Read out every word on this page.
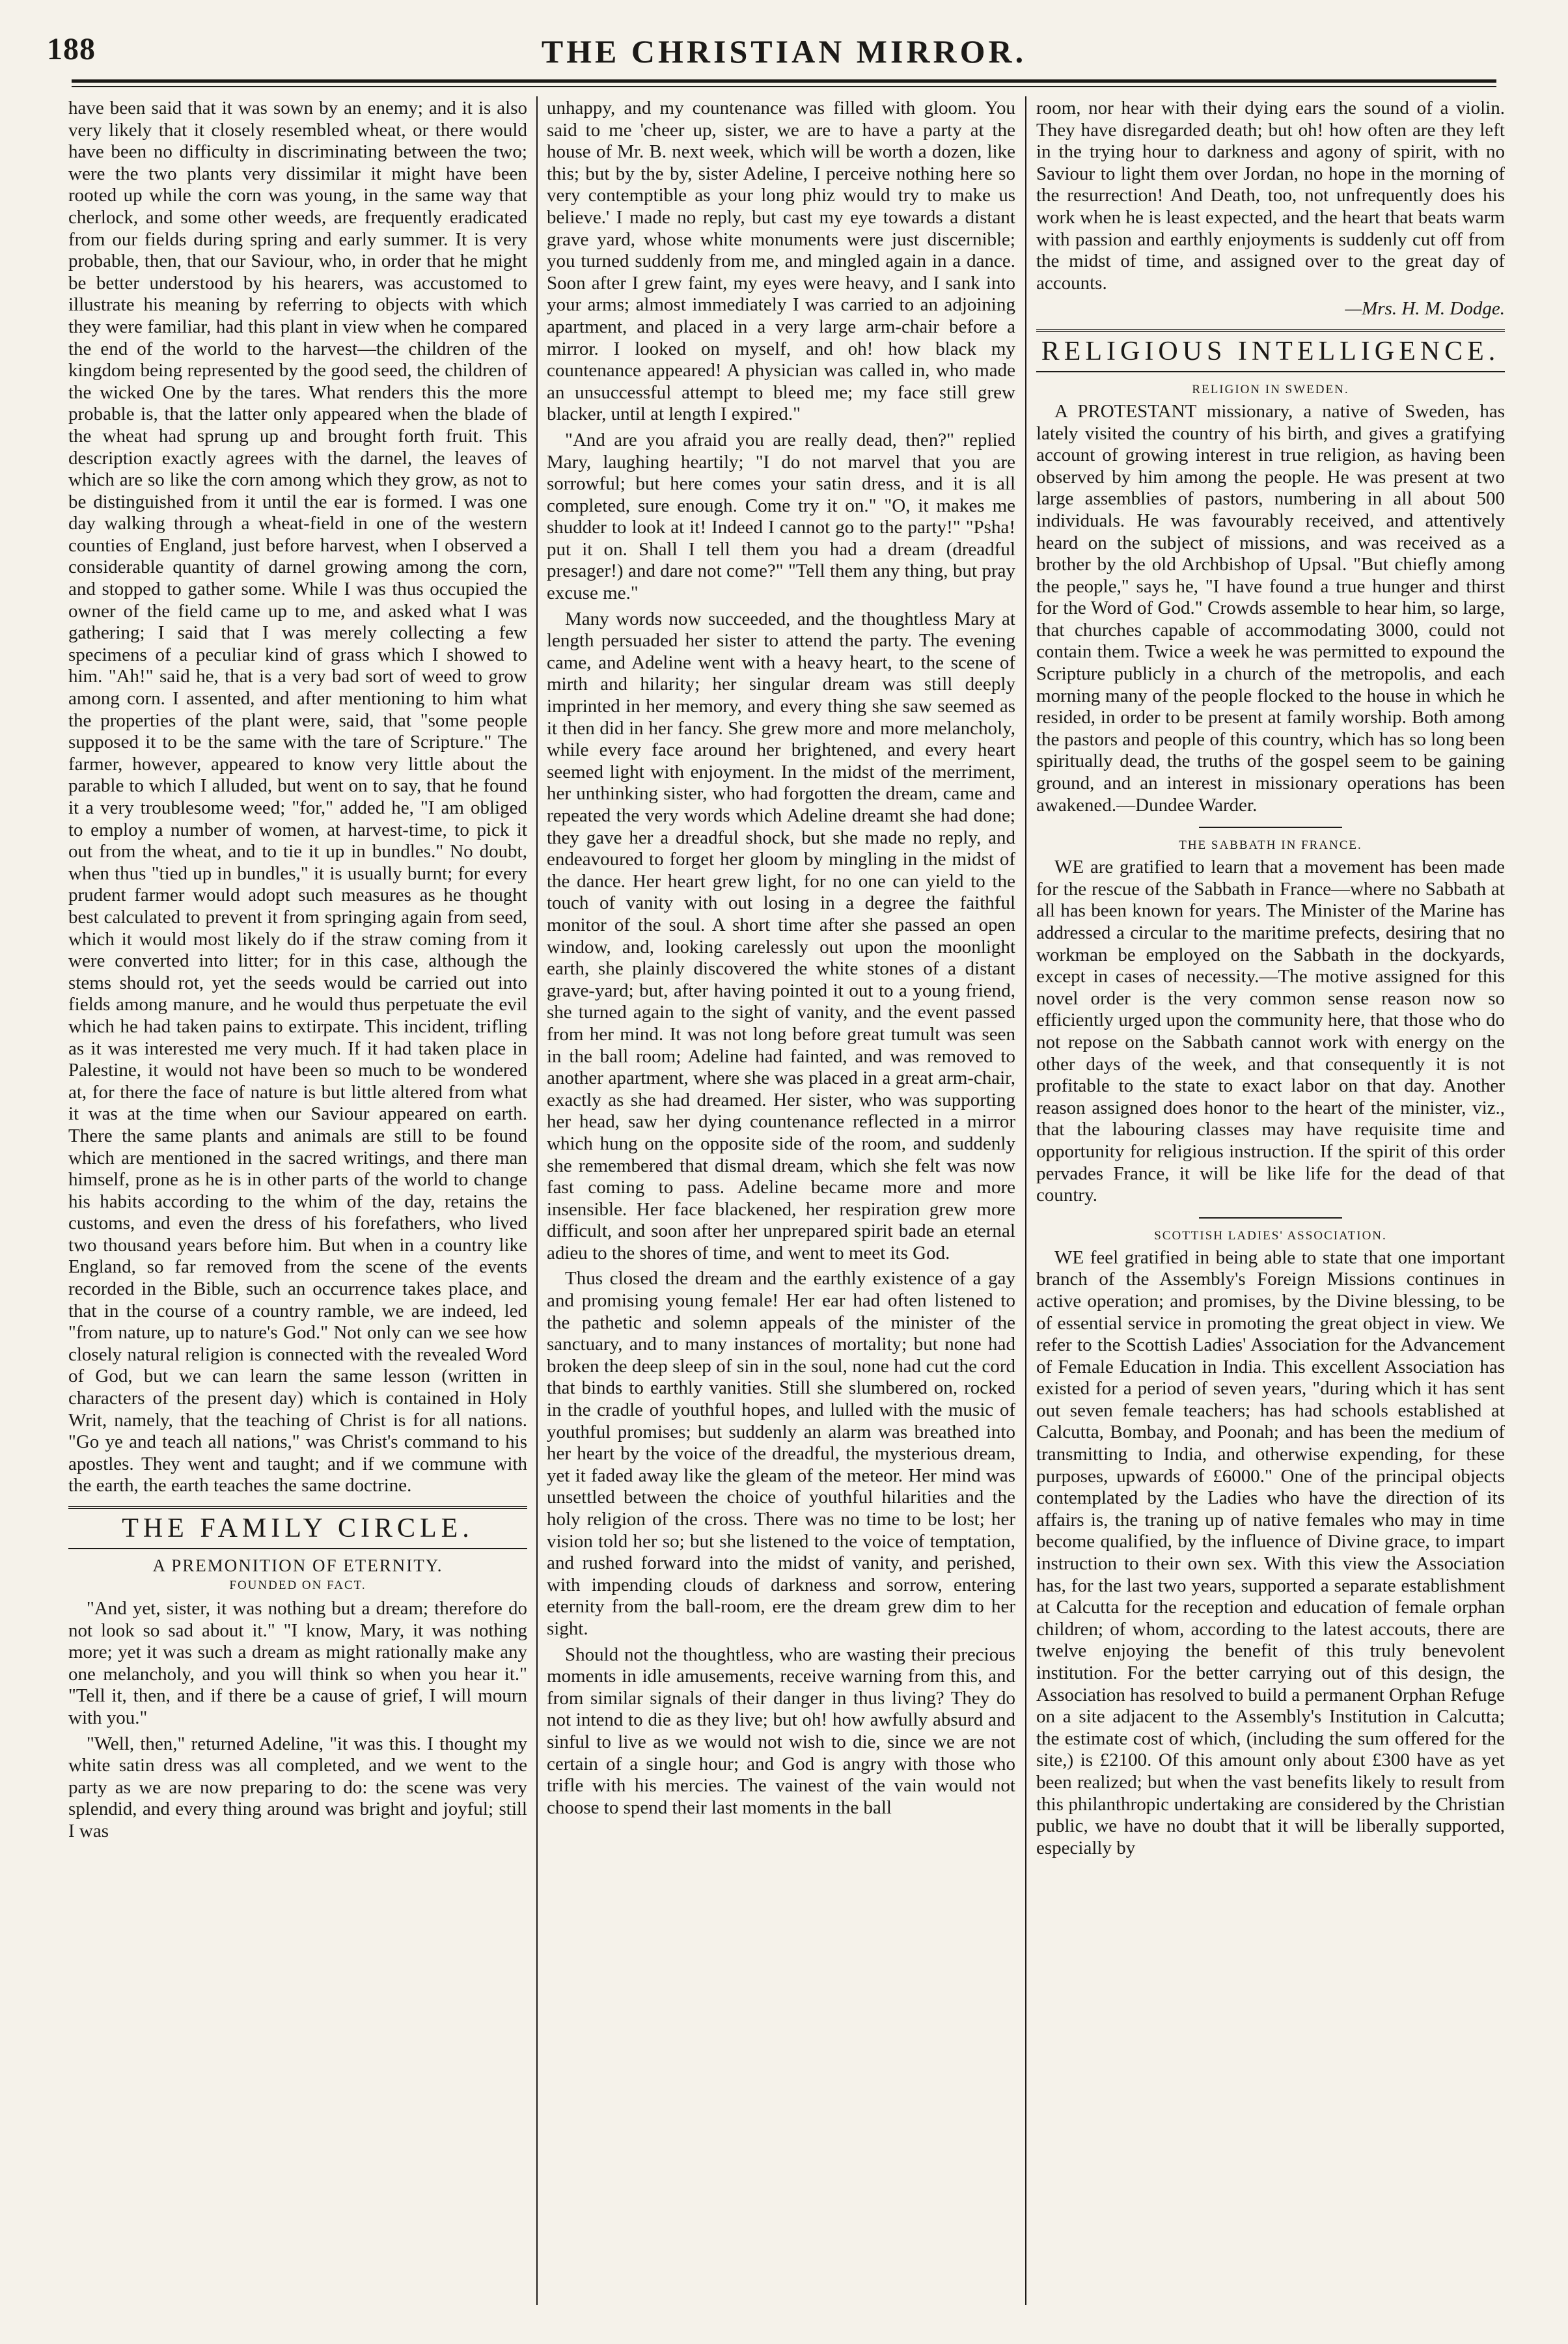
188	THE CHRISTIAN MIRROR.

have been said that it was sown by an enemy; and it is also very likely that it closely resembled wheat, or there would have been no difficulty in discriminating between the two; were the two plants very dissimilar it might have been rooted up while the corn was young, in the same way that cherlock, and some other weeds, are frequently eradicated from our fields during spring and early summer. It is very probable, then, that our Saviour, who, in order that he might be better understood by his hearers, was accustomed to illustrate his meaning by referring to objects with which they were familiar, had this plant in view when he compared the end of the world to the harvest—the children of the kingdom being represented by the good seed, the children of the wicked One by the tares. What renders this the more probable is, that the latter only appeared when the blade of the wheat had sprung up and brought forth fruit. This description exactly agrees with the darnel, the leaves of which are so like the corn among which they grow, as not to be distinguished from it until the ear is formed. I was one day walking through a wheat-field in one of the western counties of England, just before harvest, when I observed a considerable quantity of darnel growing among the corn, and stopped to gather some. While I was thus occupied the owner of the field came up to me, and asked what I was gathering; I said that I was merely collecting a few specimens of a peculiar kind of grass which I showed to him. "Ah!" said he, that is a very bad sort of weed to grow among corn. I assented, and after mentioning to him what the properties of the plant were, said, that "some people supposed it to be the same with the tare of Scripture." The farmer, however, appeared to know very little about the parable to which I alluded, but went on to say, that he found it a very troublesome weed; "for," added he, "I am obliged to employ a number of women, at harvest-time, to pick it out from the wheat, and to tie it up in bundles." No doubt, when thus "tied up in bundles," it is usually burnt; for every prudent farmer would adopt such measures as he thought best calculated to prevent it from springing again from seed, which it would most likely do if the straw coming from it were converted into litter; for in this case, although the stems should rot, yet the seeds would be carried out into fields among manure, and he would thus perpetuate the evil which he had taken pains to extirpate. This incident, trifling as it was interested me very much. If it had taken place in Palestine, it would not have been so much to be wondered at, for there the face of nature is but little altered from what it was at the time when our Saviour appeared on earth. There the same plants and animals are still to be found which are mentioned in the sacred writings, and there man himself, prone as he is in other parts of the world to change his habits according to the whim of the day, retains the customs, and even the dress of his forefathers, who lived two thousand years before him. But when in a country like England, so far removed from the scene of the events recorded in the Bible, such an occurrence takes place, and that in the course of a country ramble, we are indeed, led "from nature, up to nature's God." Not only can we see how closely natural religion is connected with the revealed Word of God, but we can learn the same lesson (written in characters of the present day) which is contained in Holy Writ, namely, that the teaching of Christ is for all nations. "Go ye and teach all nations," was Christ's command to his apostles. They went and taught; and if we commune with the earth, the earth teaches the same doctrine.

THE FAMILY CIRCLE.
A PREMONITION OF ETERNITY.
FOUNDED ON FACT.

"And yet, sister, it was nothing but a dream; therefore do not look so sad about it." "I know, Mary, it was nothing more; yet it was such a dream as might rationally make any one melancholy, and you will think so when you hear it." "Tell it, then, and if there be a cause of grief, I will mourn with you."

"Well, then," returned Adeline, "it was this. I thought my white satin dress was all completed, and we went to the party as we are now preparing to do: the scene was very splendid, and every thing around was bright and joyful; still I was

unhappy, and my countenance was filled with gloom. You said to me 'cheer up, sister, we are to have a party at the house of Mr. B. next week, which will be worth a dozen, like this; but by the by, sister Adeline, I perceive nothing here so very contemptible as your long phiz would try to make us believe.' I made no reply, but cast my eye towards a distant grave yard, whose white monuments were just discernible; you turned suddenly from me, and mingled again in a dance. Soon after I grew faint, my eyes were heavy, and I sank into your arms; almost immediately I was carried to an adjoining apartment, and placed in a very large arm-chair before a mirror. I looked on myself, and oh! how black my countenance appeared! A physician was called in, who made an unsuccessful attempt to bleed me; my face still grew blacker, until at length I expired."

"And are you afraid you are really dead, then?" replied Mary, laughing heartily; "I do not marvel that you are sorrowful; but here comes your satin dress, and it is all completed, sure enough. Come try it on." "O, it makes me shudder to look at it! Indeed I cannot go to the party!" "Psha! put it on. Shall I tell them you had a dream (dreadful presager!) and dare not come?" "Tell them any thing, but pray excuse me."

Many words now succeeded, and the thoughtless Mary at length persuaded her sister to attend the party. The evening came, and Adeline went with a heavy heart, to the scene of mirth and hilarity; her singular dream was still deeply imprinted in her memory, and every thing she saw seemed as it then did in her fancy. She grew more and more melancholy, while every face around her brightened, and every heart seemed light with enjoyment. In the midst of the merriment, her unthinking sister, who had forgotten the dream, came and repeated the very words which Adeline dreamt she had done; they gave her a dreadful shock, but she made no reply, and endeavoured to forget her gloom by mingling in the midst of the dance. Her heart grew light, for no one can yield to the touch of vanity with out losing in a degree the faithful monitor of the soul. A short time after she passed an open window, and, looking carelessly out upon the moonlight earth, she plainly discovered the white stones of a distant grave-yard; but, after having pointed it out to a young friend, she turned again to the sight of vanity, and the event passed from her mind. It was not long before great tumult was seen in the ball room; Adeline had fainted, and was removed to another apartment, where she was placed in a great arm-chair, exactly as she had dreamed. Her sister, who was supporting her head, saw her dying countenance reflected in a mirror which hung on the opposite side of the room, and suddenly she remembered that dismal dream, which she felt was now fast coming to pass. Adeline became more and more insensible. Her face blackened, her respiration grew more difficult, and soon after her unprepared spirit bade an eternal adieu to the shores of time, and went to meet its God.

Thus closed the dream and the earthly existence of a gay and promising young female! Her ear had often listened to the pathetic and solemn appeals of the minister of the sanctuary, and to many instances of mortality; but none had broken the deep sleep of sin in the soul, none had cut the cord that binds to earthly vanities. Still she slumbered on, rocked in the cradle of youthful hopes, and lulled with the music of youthful promises; but suddenly an alarm was breathed into her heart by the voice of the dreadful, the mysterious dream, yet it faded away like the gleam of the meteor. Her mind was unsettled between the choice of youthful hilarities and the holy religion of the cross. There was no time to be lost; her vision told her so; but she listened to the voice of temptation, and rushed forward into the midst of vanity, and perished, with impending clouds of darkness and sorrow, entering eternity from the ball-room, ere the dream grew dim to her sight.

Should not the thoughtless, who are wasting their precious moments in idle amusements, receive warning from this, and from similar signals of their danger in thus living? They do not intend to die as they live; but oh! how awfully absurd and sinful to live as we would not wish to die, since we are not certain of a single hour; and God is angry with those who trifle with his mercies. The vainest of the vain would not choose to spend their last moments in the ball

room, nor hear with their dying ears the sound of a violin. They have disregarded death; but oh! how often are they left in the trying hour to darkness and agony of spirit, with no Saviour to light them over Jordan, no hope in the morning of the resurrection! And Death, too, not unfrequently does his work when he is least expected, and the heart that beats warm with passion and earthly enjoyments is suddenly cut off from the midst of time, and assigned over to the great day of accounts.

—Mrs. H. M. Dodge.

RELIGIOUS INTELLIGENCE.
RELIGION IN SWEDEN.

A PROTESTANT missionary, a native of Sweden, has lately visited the country of his birth, and gives a gratifying account of growing interest in true religion, as having been observed by him among the people. He was present at two large assemblies of pastors, numbering in all about 500 individuals. He was favourably received, and attentively heard on the subject of missions, and was received as a brother by the old Archbishop of Upsal. "But chiefly among the people," says he, "I have found a true hunger and thirst for the Word of God." Crowds assemble to hear him, so large, that churches capable of accommodating 3000, could not contain them. Twice a week he was permitted to expound the Scripture publicly in a church of the metropolis, and each morning many of the people flocked to the house in which he resided, in order to be present at family worship. Both among the pastors and people of this country, which has so long been spiritually dead, the truths of the gospel seem to be gaining ground, and an interest in missionary operations has been awakened.—Dundee Warder.

THE SABBATH IN FRANCE.

WE are gratified to learn that a movement has been made for the rescue of the Sabbath in France—where no Sabbath at all has been known for years. The Minister of the Marine has addressed a circular to the maritime prefects, desiring that no workman be employed on the Sabbath in the dockyards, except in cases of necessity.—The motive assigned for this novel order is the very common sense reason now so efficiently urged upon the community here, that those who do not repose on the Sabbath cannot work with energy on the other days of the week, and that consequently it is not profitable to the state to exact labor on that day. Another reason assigned does honor to the heart of the minister, viz., that the labouring classes may have requisite time and opportunity for religious instruction. If the spirit of this order pervades France, it will be like life for the dead of that country.

SCOTTISH LADIES' ASSOCIATION.

WE feel gratified in being able to state that one important branch of the Assembly's Foreign Missions continues in active operation; and promises, by the Divine blessing, to be of essential service in promoting the great object in view. We refer to the Scottish Ladies' Association for the Advancement of Female Education in India. This excellent Association has existed for a period of seven years, "during which it has sent out seven female teachers; has had schools established at Calcutta, Bombay, and Poonah; and has been the medium of transmitting to India, and otherwise expending, for these purposes, upwards of £6000." One of the principal objects contemplated by the Ladies who have the direction of its affairs is, the traning up of native females who may in time become qualified, by the influence of Divine grace, to impart instruction to their own sex. With this view the Association has, for the last two years, supported a separate establishment at Calcutta for the reception and education of female orphan children; of whom, according to the latest accouts, there are twelve enjoying the benefit of this truly benevolent institution. For the better carrying out of this design, the Association has resolved to build a permanent Orphan Refuge on a site adjacent to the Assembly's Institution in Calcutta; the estimate cost of which, (including the sum offered for the site,) is £2100. Of this amount only about £300 have as yet been realized; but when the vast benefits likely to result from this philanthropic undertaking are considered by the Christian public, we have no doubt that it will be liberally supported, especially by
